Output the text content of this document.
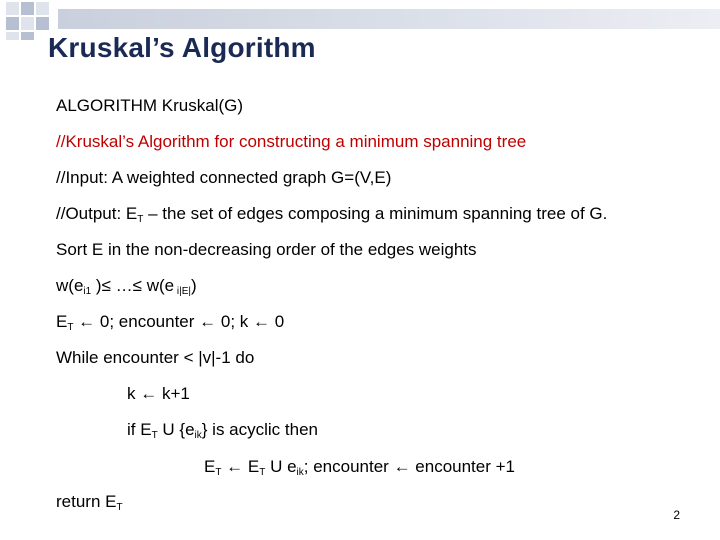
Kruskal’s Algorithm
ALGORITHM Kruskal(G)
//Kruskal’s Algorithm for constructing a minimum spanning tree
//Input: A weighted connected graph G=(V,E)
//Output: $E_T$ – the set of edges composing a minimum spanning tree of G.
Sort E in the non-decreasing order of the edges weights
$w(e_{i1}$ )≤ …≤ w(e $_{i|E|}$)
$E_T$ ← 0; encounter ← 0; k ← 0
While encounter < |v|-1 do
k ← k+1
if $E_T$ U $\{e_{ik}\}$ is acyclic then
$E_T$ ← $E_T$ U $e_{ik}$; encounter ← encounter +1
return $E_T$
2
